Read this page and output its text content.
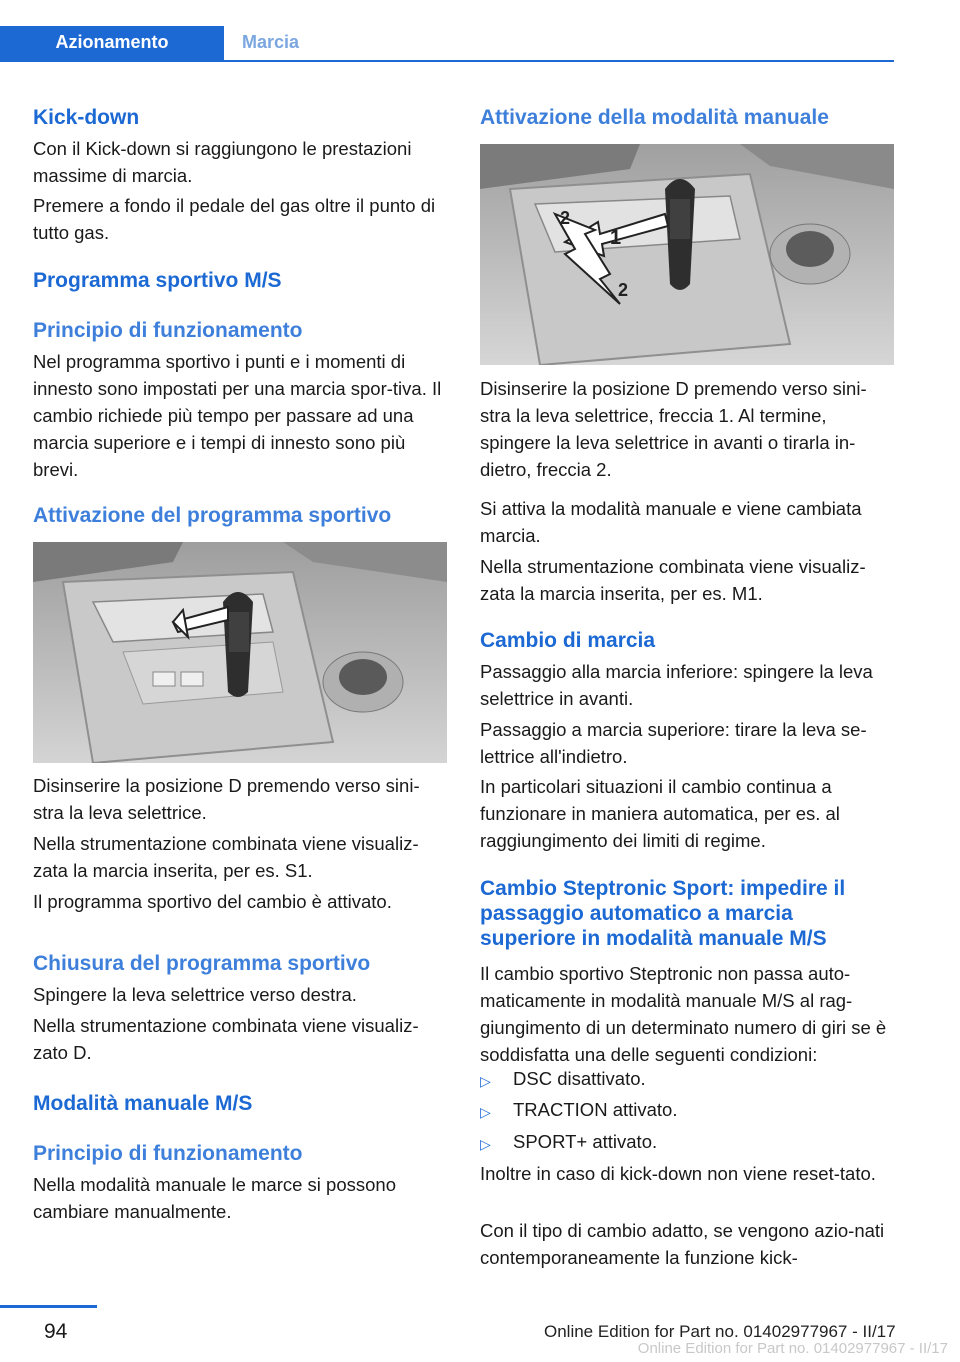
Azionamento	Marcia
Kick-down

Con il Kick-down si raggiungono le prestazioni massime di marcia.

Premere a fondo il pedale del gas oltre il punto di tutto gas.

Programma sportivo M/S
Principio di funzionamento

Nel programma sportivo i punti e i momenti di innesto sono impostati per una marcia spor‐tiva. Il cambio richiede più tempo per passare ad una marcia superiore e i tempi di innesto sono più brevi.

Attivazione del programma sportivo

Disinserire la posizione D premendo verso sini‐stra la leva selettrice.

Nella strumentazione combinata viene visualiz‐zata la marcia inserita, per es. S1.

Il programma sportivo del cambio è attivato.

Chiusura del programma sportivo

Spingere la leva selettrice verso destra.

Nella strumentazione combinata viene visualiz‐zato D.

Modalità manuale M/S
Principio di funzionamento

Nella modalità manuale le marce si possono cambiare manualmente.

Attivazione della modalità manuale
1
2
2

Disinserire la posizione D premendo verso sini‐stra la leva selettrice, freccia 1. Al termine, spingere la leva selettrice in avanti o tirarla in‐dietro, freccia 2.

Si attiva la modalità manuale e viene cambiata marcia.

Nella strumentazione combinata viene visualiz‐zata la marcia inserita, per es. M1.

Cambio di marcia

Passaggio alla marcia inferiore: spingere la leva selettrice in avanti.

Passaggio a marcia superiore: tirare la leva se‐lettrice all'indietro.

In particolari situazioni il cambio continua a funzionare in maniera automatica, per es. al raggiungimento dei limiti di regime.

Cambio Steptronic Sport: impedire il passaggio automatico a marcia superiore in modalità manuale M/S

Il cambio sportivo Steptronic non passa auto‐maticamente in modalità manuale M/S al rag‐giungimento di un determinato numero di giri se è soddisfatta una delle seguenti condizioni:

▷ DSC disattivato.
▷ TRACTION attivato.
▷ SPORT+ attivato.

Inoltre in caso di kick-down non viene reset‐tato.

Con il tipo di cambio adatto, se vengono azio‐nati contemporaneamente la funzione kick-

94	Online Edition for Part no. 01402977967 - II/17
Online Edition for Part no. 01402977967 - II/17
